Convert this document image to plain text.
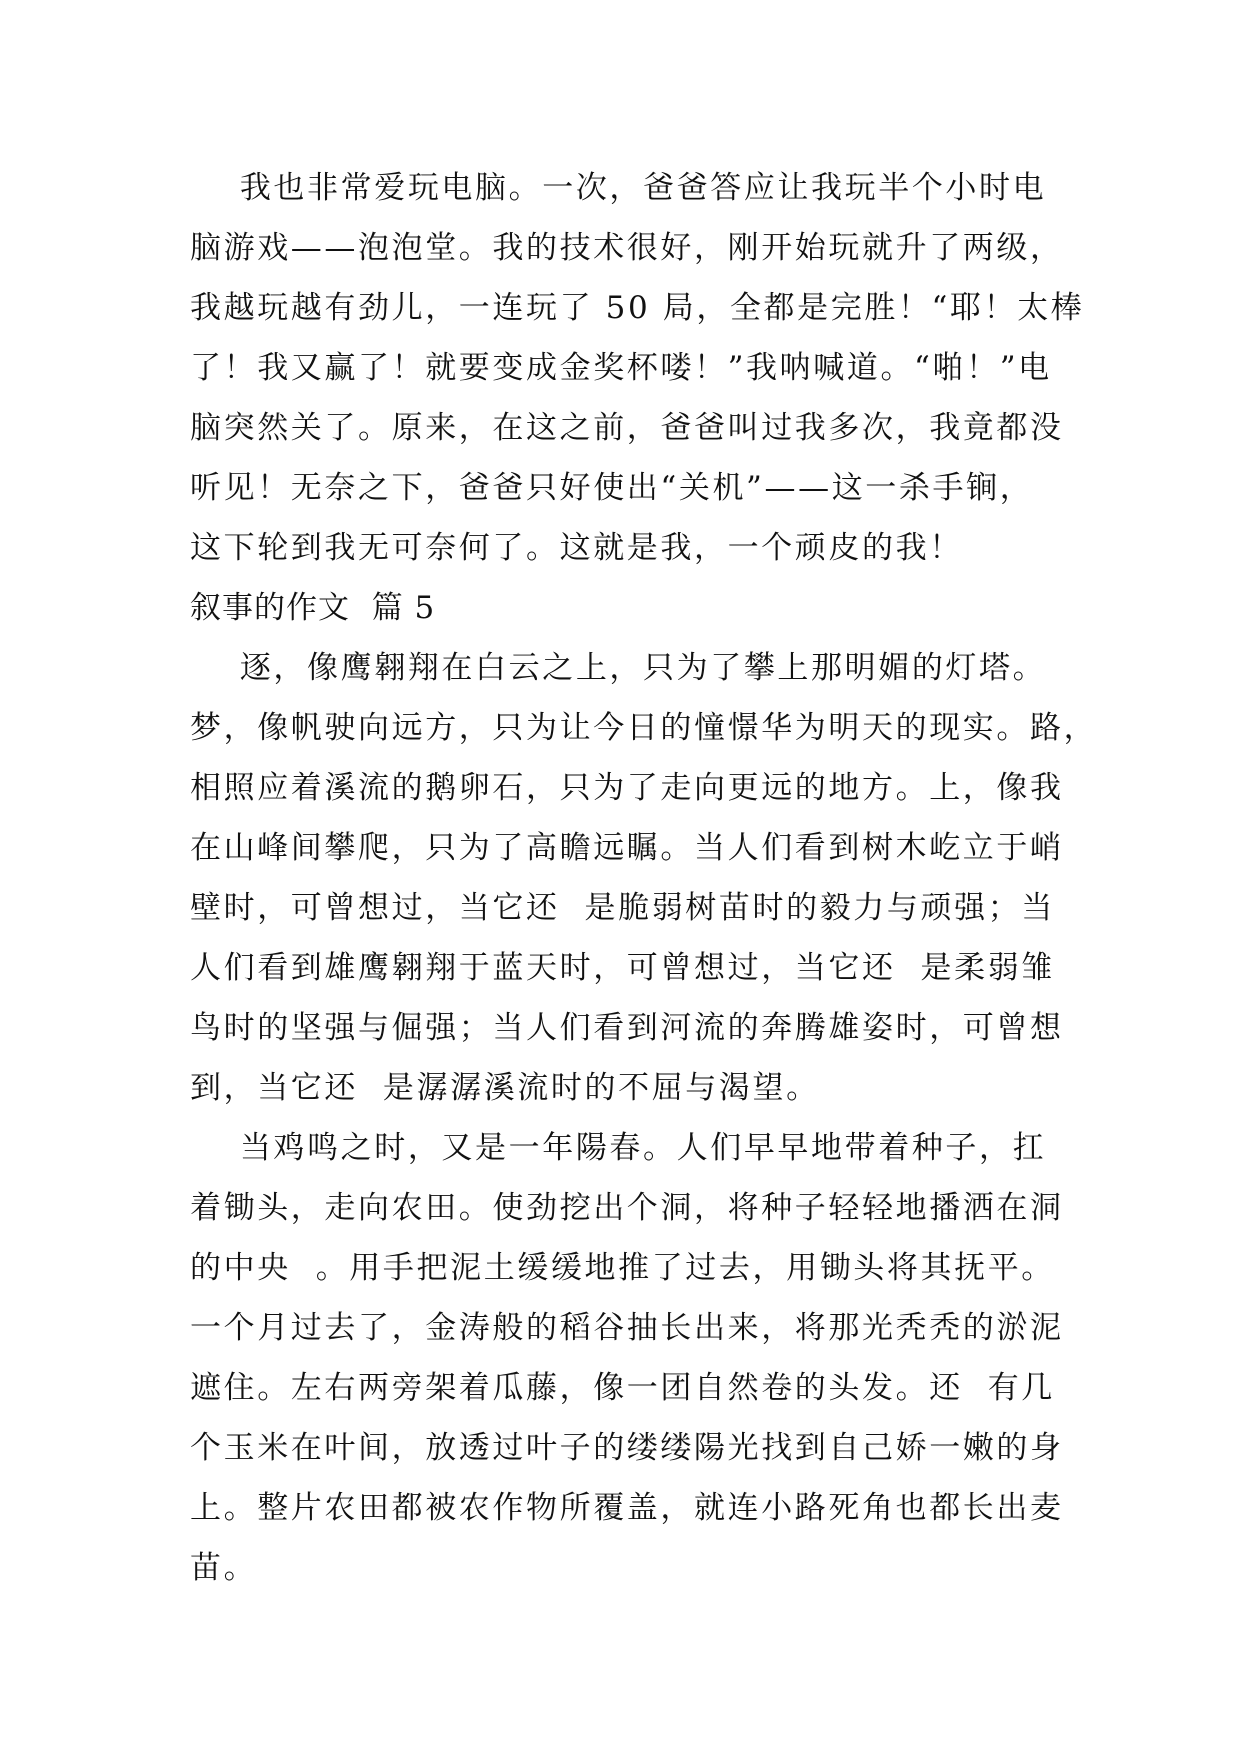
我也非常爱玩电脑。一次，爸爸答应让我玩半个小时电
脑游戏——泡泡堂。我的技术很好，刚开始玩就升了两级，
我越玩越有劲儿，一连玩了 50 局，全都是完胜！“耶！太棒
了！我又赢了！就要变成金奖杯喽！”我呐喊道。“啪！”电
脑突然关了。原来，在这之前，爸爸叫过我多次，我竟都没
听见！无奈之下，爸爸只好使出“关机”——这一杀手锏，
这下轮到我无可奈何了。这就是我，一个顽皮的我！
叙事的作文  篇 5
逐，像鹰翱翔在白云之上，只为了攀上那明媚的灯塔。
梦，像帆驶向远方，只为让今日的憧憬华为明天的现实。路，
相照应着溪流的鹅卵石，只为了走向更远的地方。上，像我
在山峰间攀爬，只为了高瞻远瞩。当人们看到树木屹立于峭
壁时，可曾想过，当它还  是脆弱树苗时的毅力与顽强；当
人们看到雄鹰翱翔于蓝天时，可曾想过，当它还  是柔弱雏
鸟时的坚强与倔强；当人们看到河流的奔腾雄姿时，可曾想
到，当它还  是潺潺溪流时的不屈与渴望。
当鸡鸣之时，又是一年陽春。人们早早地带着种子，扛
着锄头，走向农田。使劲挖出个洞，将种子轻轻地播洒在洞
的中央  。用手把泥土缓缓地推了过去，用锄头将其抚平。
一个月过去了，金涛般的稻谷抽长出来，将那光秃秃的淤泥
遮住。左右两旁架着瓜藤，像一团自然卷的头发。还  有几
个玉米在叶间，放透过叶子的缕缕陽光找到自己娇一嫩的身
上。整片农田都被农作物所覆盖，就连小路死角也都长出麦
苗。
